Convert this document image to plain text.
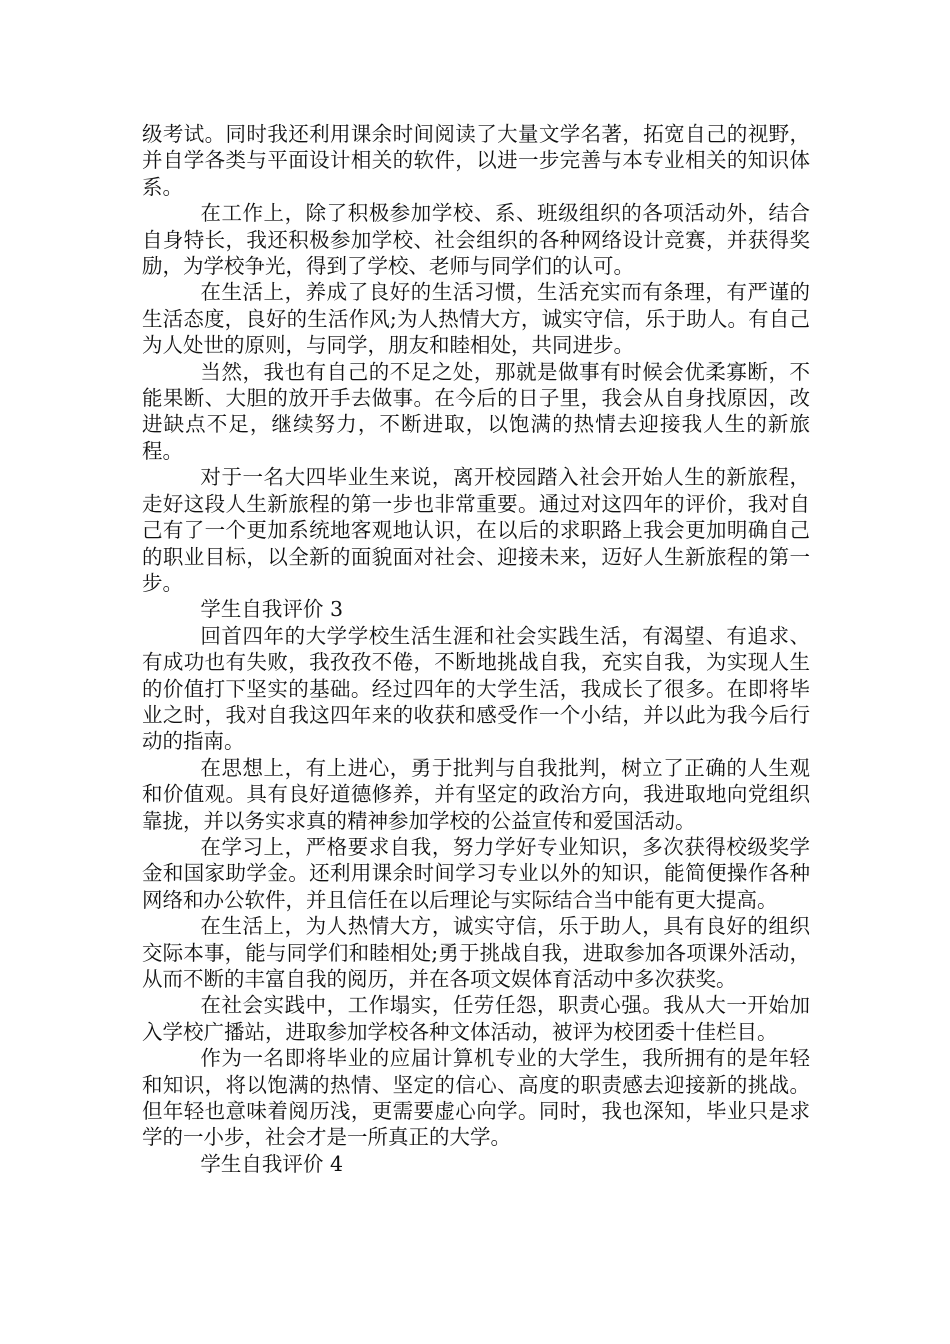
级考试。同时我还利用课余时间阅读了大量文学名著，拓宽自己的视野，并自学各类与平面设计相关的软件，以进一步完善与本专业相关的知识体系。

在工作上，除了积极参加学校、系、班级组织的各项活动外，结合自身特长，我还积极参加学校、社会组织的各种网络设计竞赛，并获得奖励，为学校争光，得到了学校、老师与同学们的认可。

在生活上，养成了良好的生活习惯，生活充实而有条理，有严谨的生活态度，良好的生活作风;为人热情大方，诚实守信，乐于助人。有自己为人处世的原则，与同学，朋友和睦相处，共同进步。

当然，我也有自己的不足之处，那就是做事有时候会优柔寡断，不能果断、大胆的放开手去做事。在今后的日子里，我会从自身找原因，改进缺点不足，继续努力，不断进取，以饱满的热情去迎接我人生的新旅程。

对于一名大四毕业生来说，离开校园踏入社会开始人生的新旅程，走好这段人生新旅程的第一步也非常重要。通过对这四年的评价，我对自己有了一个更加系统地客观地认识，在以后的求职路上我会更加明确自己的职业目标，以全新的面貌面对社会、迎接未来，迈好人生新旅程的第一步。

学生自我评价 3

回首四年的大学学校生活生涯和社会实践生活，有渴望、有追求、有成功也有失败，我孜孜不倦，不断地挑战自我，充实自我，为实现人生的价值打下坚实的基础。经过四年的大学生活，我成长了很多。在即将毕业之时，我对自我这四年来的收获和感受作一个小结，并以此为我今后行动的指南。

在思想上，有上进心，勇于批判与自我批判，树立了正确的人生观和价值观。具有良好道德修养，并有坚定的政治方向，我进取地向党组织靠拢，并以务实求真的精神参加学校的公益宣传和爱国活动。

在学习上，严格要求自我，努力学好专业知识，多次获得校级奖学金和国家助学金。还利用课余时间学习专业以外的知识，能简便操作各种网络和办公软件，并且信任在以后理论与实际结合当中能有更大提高。

在生活上，为人热情大方，诚实守信，乐于助人，具有良好的组织交际本事，能与同学们和睦相处;勇于挑战自我，进取参加各项课外活动，从而不断的丰富自我的阅历，并在各项文娱体育活动中多次获奖。

在社会实践中，工作塌实，任劳任怨，职责心强。我从大一开始加入学校广播站，进取参加学校各种文体活动，被评为校团委十佳栏目。

作为一名即将毕业的应届计算机专业的大学生，我所拥有的是年轻和知识，将以饱满的热情、坚定的信心、高度的职责感去迎接新的挑战。但年轻也意味着阅历浅，更需要虚心向学。同时，我也深知，毕业只是求学的一小步，社会才是一所真正的大学。

学生自我评价 4
